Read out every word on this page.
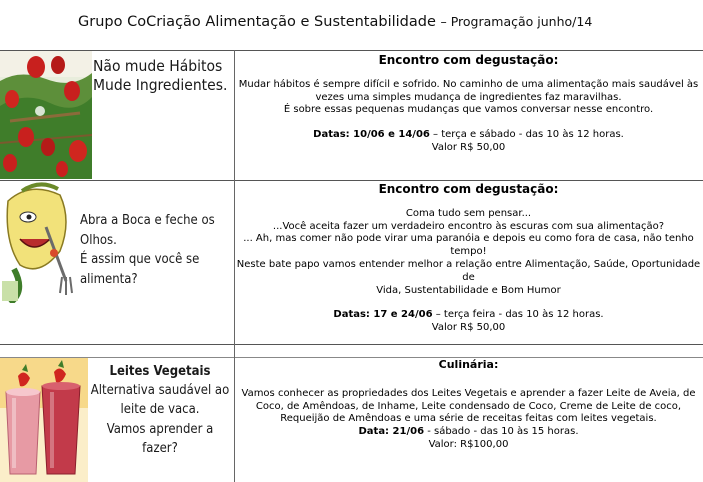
Grupo CoCriação Alimentação e Sustentabilidade – Programação junho/14
Não mude Hábitos
Mude Ingredientes.

Encontro com degustação:

Mudar hábitos é sempre difícil e sofrido. No caminho de uma alimentação mais saudável às

vezes uma simples mudança de ingredientes faz maravilhas.

É sobre essas pequenas mudanças que vamos conversar nesse encontro.

Datas: 10/06 e 14/06 – terça e sábado - das 10 às 12 horas.

Valor R$ 50,00

Abra a Boca e feche os Olhos.
É assim que você se alimenta?

Encontro com degustação:

Coma tudo sem pensar...

...Você aceita fazer um verdadeiro encontro às escuras com sua alimentação?

... Ah, mas comer não pode virar uma paranóia e depois eu como fora de casa, não tenho

tempo!

Neste bate papo vamos entender melhor a relação entre Alimentação, Saúde, Oportunidade de

Vida, Sustentabilidade e Bom Humor

Datas: 17 e 24/06 – terça feira - das 10 às 12 horas.

Valor R$ 50,00

Leites Vegetais
Alternativa saudável ao
leite de vaca.
Vamos aprender a fazer?

Culinária:

Vamos conhecer as propriedades dos Leites Vegetais e aprender a fazer Leite de Aveia, de

Coco, de Amêndoas, de Inhame, Leite condensado de Coco, Creme de Leite de coco,

Requeijão de Amêndoas e uma série de receitas feitas com leites vegetais.

Data: 21/06 - sábado - das 10 às 15 horas.

Valor: R$100,00
